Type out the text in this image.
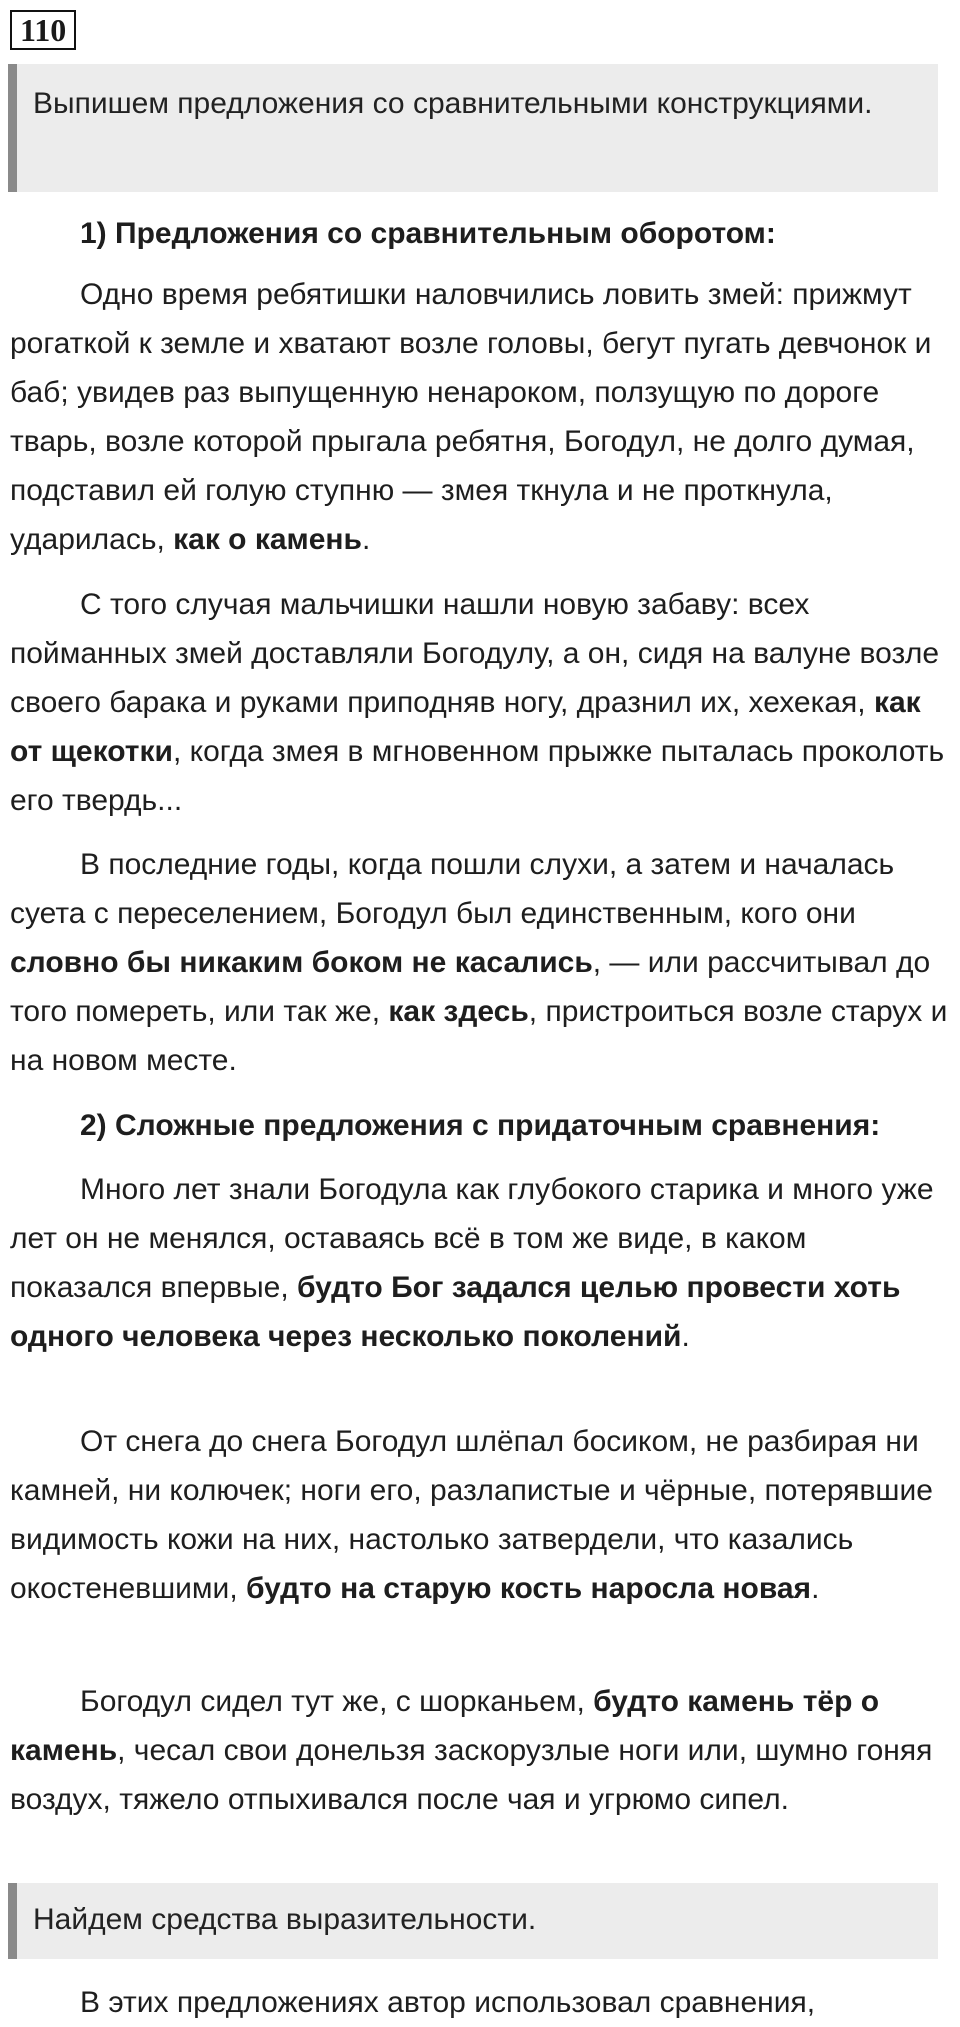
110
Выпишем предложения со сравнительными конструкциями.
1) Предложения со сравнительным оборотом:

Одно время ребятишки наловчились ловить змей: прижмут рогаткой к земле и хватают возле головы, бегут пугать девчонок и баб; увидев раз выпущенную ненароком, ползущую по дороге тварь, возле которой прыгала ребятня, Богодул, не долго думая, подставил ей голую ступню — змея ткнула и не проткнула, ударилась, как о камень.

С того случая мальчишки нашли новую забаву: всех пойманных змей доставляли Богодулу, а он, сидя на валуне возле своего барака и руками приподняв ногу, дразнил их, хехекая, как от щекотки, когда змея в мгновенном прыжке пыталась проколоть его твердь...

В последние годы, когда пошли слухи, а затем и началась суета с переселением, Богодул был единственным, кого они словно бы никаким боком не касались, — или рассчитывал до того помереть, или так же, как здесь, пристроиться возле старух и на новом месте.

2) Сложные предложения с придаточным сравнения:

Много лет знали Богодула как глубокого старика и много уже лет он не менялся, оставаясь всё в том же виде, в каком показался впервые, будто Бог задался целью провести хоть одного человека через несколько поколений.

От снега до снега Богодул шлёпал босиком, не разбирая ни камней, ни колючек; ноги его, разлапистые и чёрные, потерявшие видимость кожи на них, настолько затвердели, что казались окостеневшими, будто на старую кость наросла новая.

Богодул сидел тут же, с шорканьем, будто камень тёр о камень, чесал свои донельзя заскорузлые ноги или, шумно гоняя воздух, тяжело отпыхивался после чая и угрюмо сипел.

Найдем средства выразительности.

В этих предложениях автор использовал сравнения,
